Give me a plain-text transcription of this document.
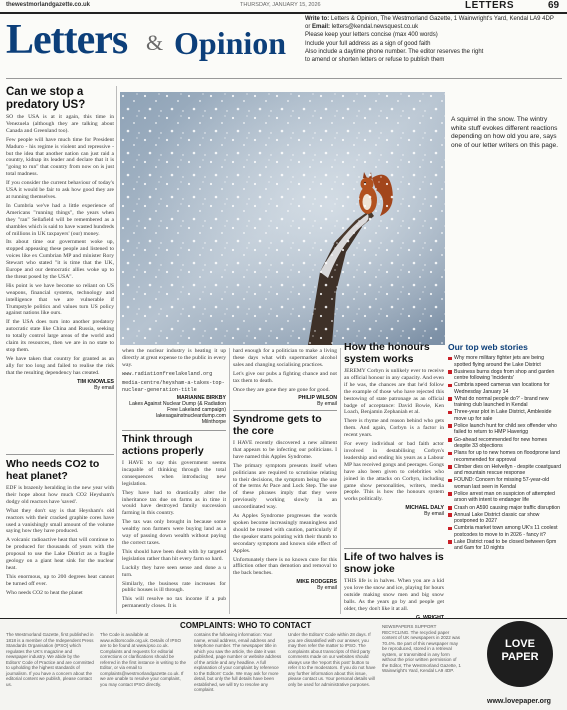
thewestmorlandgazette.co.uk	THURSDAY, JANUARY 15, 2026	LETTERS	69
Letters & Opinion
Write to: Letters & Opinion, The Westmorland Gazette, 1 Wainwright's Yard, Kendal LA9 4DP or Email: letters@kendal.newsquest.co.uk
Please keep your letters concise (max 400 words)
Include your full address as a sign of good faith
Also include a daytime phone number. The editor reserves the right
to amend or shorten letters or refuse to publish them
Can we stop a predatory US?

SO the USA is at it again, this time in Venezuela (although they are talking about Canada and Greenland too).

Few people will have much time for President Maduro - his regime is violent and repressive - but the idea that another nation can just raid a country, kidnap its leader and declare that it is "going to run" that country from now on is just total madness.

If you consider the current behaviour of today's USA it would be fair to ask how good they are at running themselves.

In Cumbria we've had a little experience of Americans "running things", the years when they "ran" Sellafield will be remembered as a shambles which is said to have wasted hundreds of millions in UK taxpayers' (our) money.

Its about time our government woke up, stopped appeasing these people and listened to voices like ex Cumbrian MP and minister Rory Stewart who stated "it is time that the UK, Europe and our democratic allies woke up to the threat posed by the USA".

His point is we have become so reliant on US weapons, financial systems, technology and intelligence that we are vulnerable if Trumpstyle politics and values turn US policy against nations like ours.

If the USA does turn into another predatory autocratic state like China and Russia, seeking to totally control large areas of the world and claim its resources, then we are in no state to stop them.

We have taken that country for granted as an ally for too long and failed to realise the risk that the resulting dependency has created.

TIM KNOWLES
By email
Who needs CO2 to heat planet?

EDF is brazenly heralding in the new year with their hope about how much CO2 Heysham's dodgy old reactors have 'saved'.

What they don't say is that Heysham's old reactors with their cracked graphite cores have used a vanishingly small amount of the volume saying how they have produced.

A volcanic radioactive heat that will continue to be produced for thousands of years with the proposal to use the Lake District as a fragile geology on a giant heat sink for the nuclear heat.

This enormous, up to 200 degrees heat cannot be turned off ever.

Who needs CO2 to heat the planet

A squirrel in the snow. The wintry white stuff evokes different reactions depending on how old you are, says one of our letter writers on this page.

when the nuclear industry is heating it up directly at great expense to the public in every way.

www.radiationfreelakeland.org

media-centre/heysham-a-takes-top-nuclear-generation-title

MARIANNE BIRKBY
Lakes Against Nuclear Dump (& Radiation Free Lakeland campaign)
lakesagainstnucleardump.com
Milnthorpe
Think through actions properly

I HAVE to say this government seems incapable of thinking through the total consequences when introducing new legislation.

They have had to drastically alter the inheritance tax due on farms as in time it would have destroyed family succession farming in this country.

The tax was only brought in because some wealthy non farmers were buying land as a way of passing down wealth without paying the correct taxes.

This should have been dealt with by targeted legislation rather than hit every farm so hard.

Luckily they have seen sense and done a u turn.

Similarly, the business rate increases for public houses is ill through.

This will resolve no tax income if a pub permanently closes. It is

hard enough for a politician to make a living these days what with supermarket alcohol sales and changing socialising practices.

Let's give our pubs a fighting chance and not tax them to death.

Once they are gone they are gone for good.

PHILIP WILSON
By email
Syndrome gets to the core

I HAVE recently discovered a new ailment that appears to be infecting our politicians. I have named this Apples Syndrome.

The primary symptom presents itself when politicians are required to scrutinise relating to their decisions, the symptom being the use of the terms At Pace and Lock Step. The use of these phrases imply that they were previously working slowly in an uncoordinated way.

As Apples Syndrome progresses the words spoken become increasingly meaningless and should be treated with caution, particularly if the speaker starts pointing with their thumb to secondary symptom and known side effect of Apples.

Unfortunately there is no known cure for this affliction other than demotion and removal to the back benches.

MIKE RODGERS
By email
How the honours system works

JEREMY Corbyn is unlikely ever to receive an official honour in any capacity. And even if he was, the chances are that he'd follow the example of those who have rejected this bestowing of state patronage as an official badge of acceptance: David Bowie, Ken Loach, Benjamin Zephaniah et al.

There is rhyme and reason behind who gets them. And again, Corbyn is a factor in recent years.

For every individual or bad faith actor involved in destabilising Corbyn's leadership and ending his years as a Labour MP has received gongs and peerages. Gongs have also been given to celebrities who joined in the attacks on Corbyn, including game show personalities, writers, media people. This is how the honours system works politically.

MICHAEL DALY
By email
Life of two halves is snow joke

THIS life is in halves. When you are a kid you love the snow and ice, playing for hours outside making snow men and big snow balls. As the years go by and people get older, they don't like it at all.

Our top web stories
Why more military fighter jets are being spotted flying around the Lake District
Business burns dogs from shop and garden centre following 'incidents'
Cumbria speed cameras van locations for Wednesday January 14
'What do normal people do?' - brand new training club launched in Kendal
Three-year plot in Lake District, Ambleside move up for sale
Police launch hunt for child sex offender who failed to return to HMP Haverigg
Go-ahead recommended for new homes despite 33 objections
Plans for up to new homes on floodprone land recommended for approval
Climber dies on Helvellyn - despite coastguard and mountain rescue response
FOUND: Concern for missing 57-year-old woman last seen in Kendal
Police arrest man on suspicion of attempted arson with intent to endanger life
Crash on A590 causing major traffic disruption
Annual Lake District classic car show postponed to 2027
Cumbria market town among UK's 11 coolest postcodes to move to in 2026 - fancy it?
Lake District road to be closed between 6pm and 6am for 10 nights
COMPLAINTS: WHO TO CONTACT
The Westmorland Gazette, first published in 1818 is a member of the Independent Press Standards Organisation (IPSO) which regulates the UK's magazine and newspaper industry. We abide by the Editors' Code of Practice and are committed to upholding the highest standards of journalism. If you have a concern about the editorial content we publish, please contact us.
The Code is available at www.editorscode.org.uk. Details of IPSO are to be found at www.ipso.co.uk. Complaints and requests for editorial corrections or clarifications should be referred in the first instance in writing to the Editor, or via email to complaints@westmorlandgazette.co.uk. If we are unable to resolve your complaint, you may contact IPSO directly.
contains the following information: Your name, email address, email address and telephone number. The newspaper title in which you saw the article, the date it was published, page number or website address of the article and any headline. A full explanation of your complaint by reference to the Editors' Code. We may ask for more detail, but only the full details have been established, we will try to resolve any complaint.
Under the Editors' Code within 28 days. If you are dissatisfied with our answer, you may then refer the matter to IPSO. The complaints about transcripts of third party comments made on our websites should always use the 'report this post' button to refer it to the moderators. If you do not have any further information about this issue, please contact us. Your personal details will only be used for administrative purposes.
NEWSPAPERS SUPPORT RECYCLING. The recycled paper content of UK newspapers in 2022 was 70.4%. Be part of this newspaper may be reproduced, stored in a retrieval system, or transmitted in any form without the prior written permission of the Editor, The Westmorland Gazette, 1 Wainwright's Yard, Kendal LA9 4DP.
LOVE
PAPER
www.lovepaper.org
